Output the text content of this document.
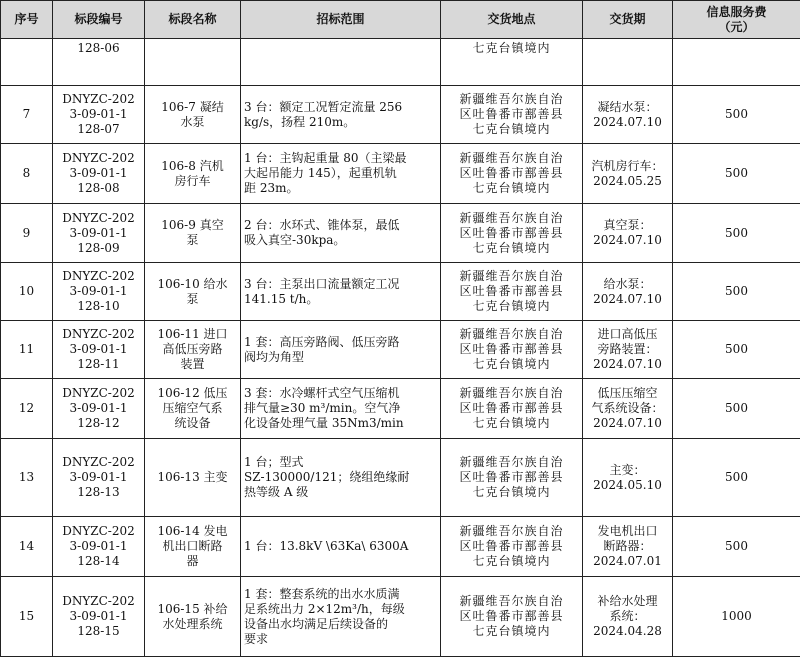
序号	标段编号	标段名称	招标范围	交货地点	交货期	信息服务费
（元）
	128-06			七克台镇境内		
7	DNYZC-202
3-09-01-1
128-07	106-7 凝结
水泵	3 台：额定工况暂定流量 256
kg/s，扬程 210m。	新疆维吾尔族自治
区吐鲁番市鄯善县
七克台镇境内	凝结水泵：
2024.07.10	500
8	DNYZC-202
3-09-01-1
128-08	106-8 汽机
房行车	1 台：主钩起重量 80（主梁最
大起吊能力 145），起重机轨
距 23m。	新疆维吾尔族自治
区吐鲁番市鄯善县
七克台镇境内	汽机房行车：
2024.05.25	500
9	DNYZC-202
3-09-01-1
128-09	106-9 真空
泵	2 台：水环式、锥体泵，最低
吸入真空-30kpa。	新疆维吾尔族自治
区吐鲁番市鄯善县
七克台镇境内	真空泵：
2024.07.10	500
10	DNYZC-202
3-09-01-1
128-10	106-10 给水
泵	3 台：主泵出口流量额定工况
141.15 t/h。	新疆维吾尔族自治
区吐鲁番市鄯善县
七克台镇境内	给水泵：
2024.07.10	500
11	DNYZC-202
3-09-01-1
128-11	106-11 进口
高低压旁路
装置	1 套：高压旁路阀、低压旁路
阀均为角型	新疆维吾尔族自治
区吐鲁番市鄯善县
七克台镇境内	进口高低压
旁路装置：
2024.07.10	500
12	DNYZC-202
3-09-01-1
128-12	106-12 低压
压缩空气系
统设备	3 套：水冷螺杆式空气压缩机
排气量≥30 m³/min。空气净
化设备处理气量 35Nm3/min	新疆维吾尔族自治
区吐鲁番市鄯善县
七克台镇境内	低压压缩空
气系统设备：
2024.07.10	500
13	DNYZC-202
3-09-01-1
128-13	106-13 主变	1 台；型式
SZ-130000/121；绕组绝缘耐
热等级 A 级	新疆维吾尔族自治
区吐鲁番市鄯善县
七克台镇境内	主变：
2024.05.10	500
14	DNYZC-202
3-09-01-1
128-14	106-14 发电
机出口断路
器	1 台：13.8kV \63Ka\ 6300A	新疆维吾尔族自治
区吐鲁番市鄯善县
七克台镇境内	发电机出口
断路器：
2024.07.01	500
15	DNYZC-202
3-09-01-1
128-15	106-15 补给
水处理系统	1 套：整套系统的出水水质满
足系统出力 2×12m³/h，每级
设备出水均满足后续设备的
要求	新疆维吾尔族自治
区吐鲁番市鄯善县
七克台镇境内	补给水处理
系统：
2024.04.28	1000
